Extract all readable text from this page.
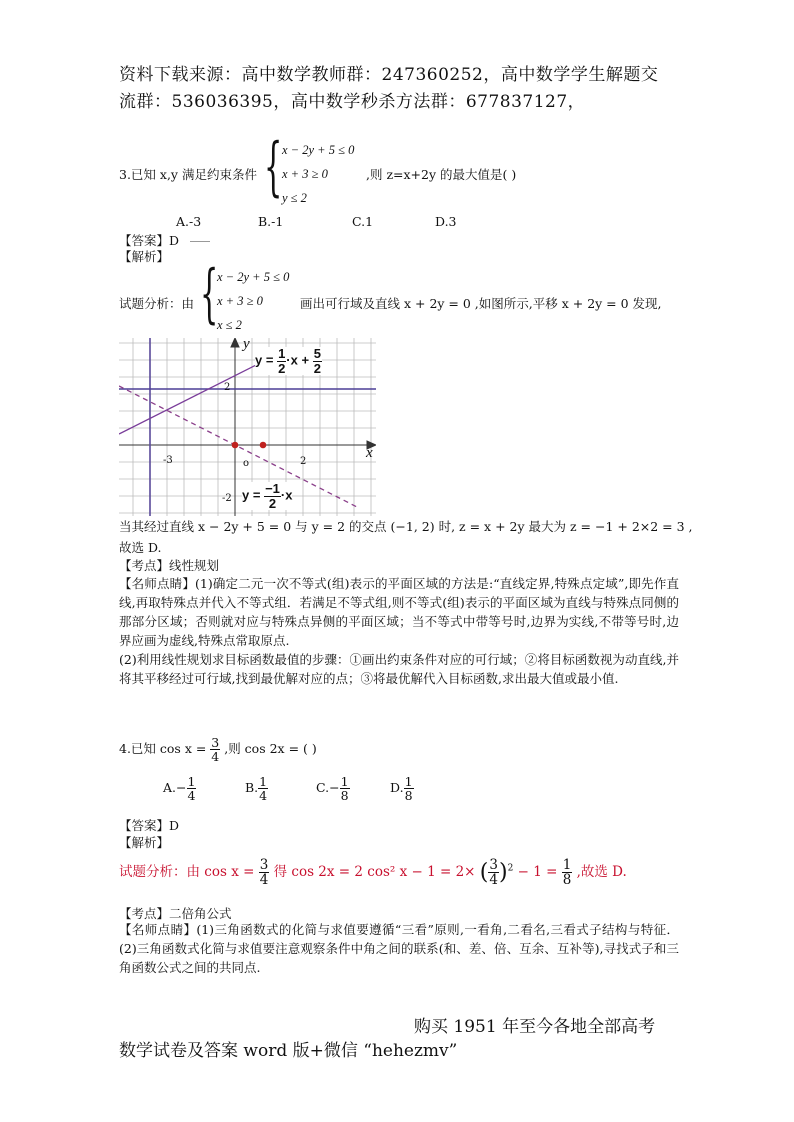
资料下载来源：高中数学教师群：247360252，高中数学学生解题交
流群：536036395，高中数学秒杀方法群：677837127，
3.已知 x,y 满足约束条件 { x − 2y + 5 ≤ 0
x + 3 ≥ 0
y ≤ 2
,则 z=x+2y 的最大值是( )
A.-3	B.-1	C.1	D.3
【答案】D
【解析】
试题分析：由 {
x − 2y + 5 ≤ 0
x + 3 ≥ 0
x ≤ 2
画出可行域及直线 x + 2y = 0 ,如图所示,平移 x + 2y = 0 发现,
y
x
-3	2
2
-2
o
$y = \frac{1}{2} \cdot x + \frac{5}{2}$
$y = \frac{-1}{2} \cdot x$
当其经过直线 x − 2y + 5 = 0 与 y = 2 的交点 (−1, 2) 时, z = x + 2y 最大为 z = −1 + 2×2 = 3 ,
故选 D.
【考点】线性规划
【名师点睛】(1)确定二元一次不等式(组)表示的平面区域的方法是:“直线定界,特殊点定域”,即先作直线,再取特殊点并代入不等式组．若满足不等式组,则不等式(组)表示的平面区域为直线与特殊点同侧的那部分区域；否则就对应与特殊点异侧的平面区域；当不等式中带等号时,边界为实线,不带等号时,边界应画为虚线,特殊点常取原点.
(2)利用线性规划求目标函数最值的步骤：①画出约束条件对应的可行域；②将目标函数视为动直线,并将其平移经过可行域,找到最优解对应的点；③将最优解代入目标函数,求出最大值或最小值.
4.已知 $\cos x = \frac{3}{4}$ ,则 cos 2x = ( )
$A.- \frac{1}{4}$	B. $\frac{1}{4}$	$C.- \frac{1}{8}$	D. $\frac{1}{8}$
【答案】D
【解析】
试题分析：由 $\cos x = \frac{3}{4}$ 得 cos 2x = 2 cos² x − 1 = 2× ( $\frac{3}{4} )^2 - 1 = \frac{1}{8}$ ,故选 D.
【考点】二倍角公式
【名师点睛】(1)三角函数式的化简与求值要遵循“三看”原则,一看角,二看名,三看式子结构与特征．(2)三角函数式化简与求值要注意观察条件中角之间的联系(和、差、倍、互余、互补等),寻找式子和三角函数公式之间的共同点.
购买 1951 年至今各地全部高考
数学试卷及答案 word 版+微信 “hehezmv”
